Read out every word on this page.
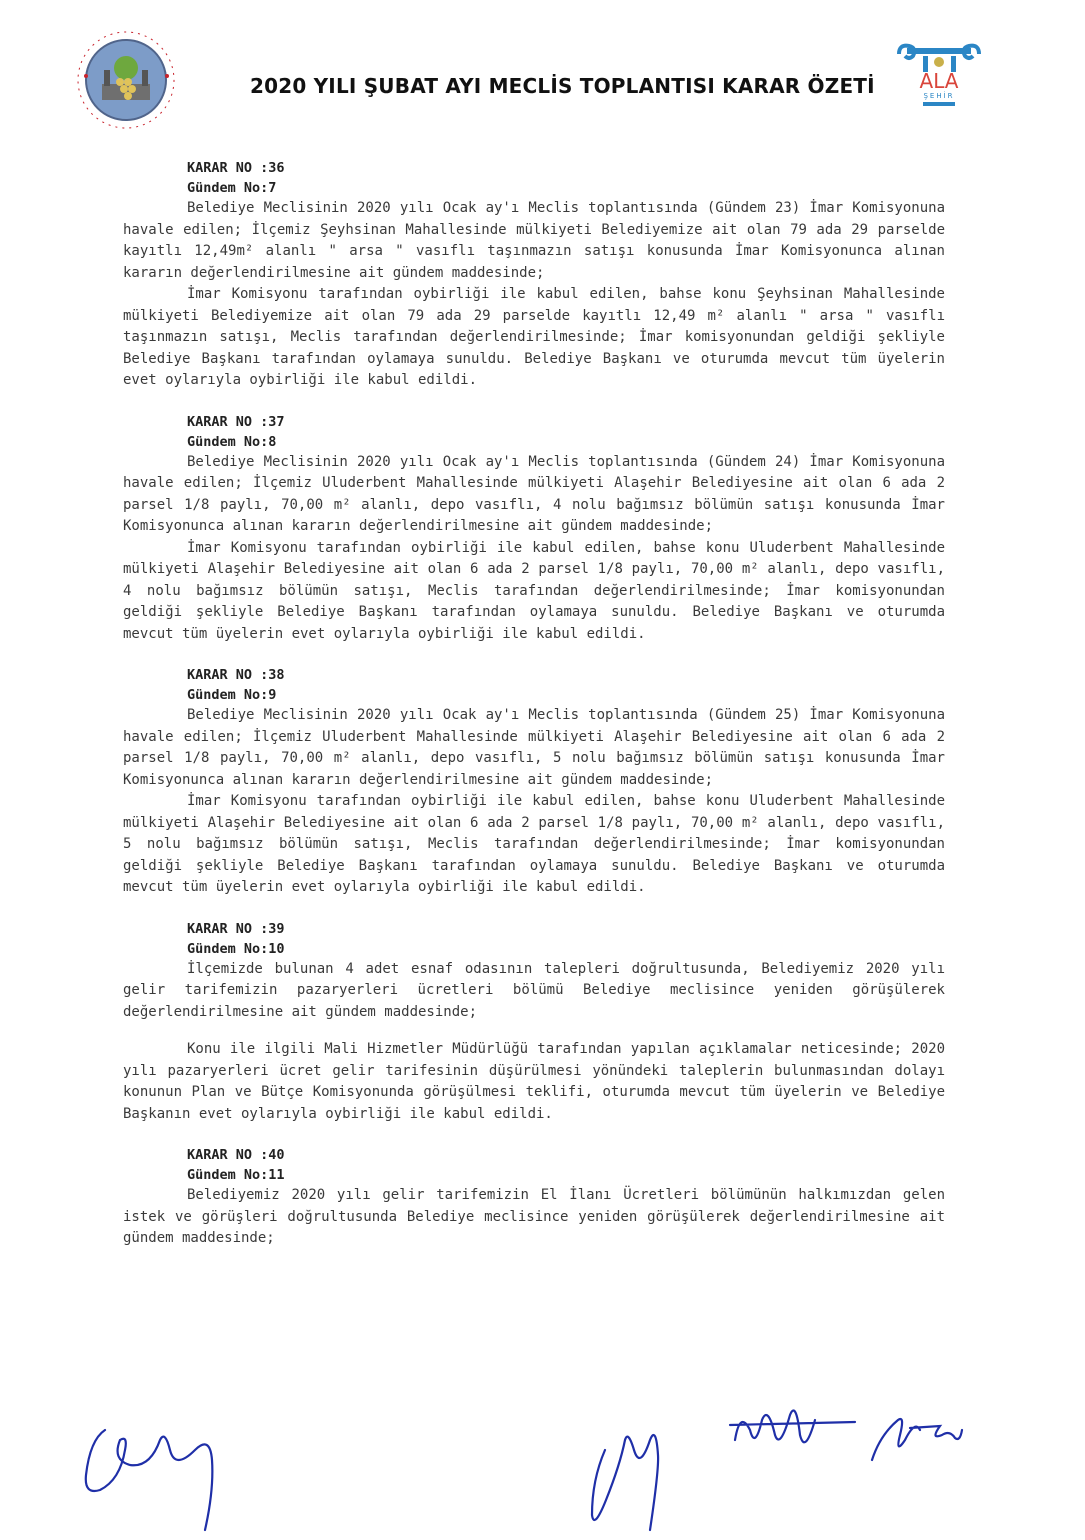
ALA
ŞEHİR
2020 YILI ŞUBAT AYI MECLİS TOPLANTISI KARAR ÖZETİ
KARAR NO :36
Gündem No:7

Belediye Meclisinin 2020 yılı Ocak ay'ı Meclis toplantısında (Gündem 23) İmar Komisyonuna havale edilen; İlçemiz Şeyhsinan Mahallesinde mülkiyeti Belediyemize ait olan 79 ada 29 parselde kayıtlı 12,49m² alanlı " arsa " vasıflı taşınmazın satışı konusunda İmar Komisyonunca alınan kararın değerlendirilmesine ait gündem maddesinde;

İmar Komisyonu tarafından oybirliği ile kabul edilen, bahse konu Şeyhsinan Mahallesinde mülkiyeti Belediyemize ait olan 79 ada 29 parselde kayıtlı 12,49 m² alanlı " arsa " vasıflı taşınmazın satışı, Meclis tarafından değerlendirilmesinde; İmar komisyonundan geldiği şekliyle Belediye Başkanı tarafından oylamaya sunuldu. Belediye Başkanı ve oturumda mevcut tüm üyelerin evet oylarıyla oybirliği ile kabul edildi.

KARAR NO :37
Gündem No:8

Belediye Meclisinin 2020 yılı Ocak ay'ı Meclis toplantısında (Gündem 24) İmar Komisyonuna havale edilen; İlçemiz Uluderbent Mahallesinde mülkiyeti Alaşehir Belediyesine ait olan 6 ada 2 parsel 1/8 paylı, 70,00 m² alanlı, depo vasıflı, 4 nolu bağımsız bölümün satışı konusunda İmar Komisyonunca alınan kararın değerlendirilmesine ait gündem maddesinde;

İmar Komisyonu tarafından oybirliği ile kabul edilen, bahse konu Uluderbent Mahallesinde mülkiyeti Alaşehir Belediyesine ait olan 6 ada 2 parsel 1/8 paylı, 70,00 m² alanlı, depo vasıflı, 4 nolu bağımsız bölümün satışı, Meclis tarafından değerlendirilmesinde; İmar komisyonundan geldiği şekliyle Belediye Başkanı tarafından oylamaya sunuldu. Belediye Başkanı ve oturumda mevcut tüm üyelerin evet oylarıyla oybirliği ile kabul edildi.

KARAR NO :38
Gündem No:9

Belediye Meclisinin 2020 yılı Ocak ay'ı Meclis toplantısında (Gündem 25) İmar Komisyonuna havale edilen; İlçemiz Uluderbent Mahallesinde mülkiyeti Alaşehir Belediyesine ait olan 6 ada 2 parsel 1/8 paylı, 70,00 m² alanlı, depo vasıflı, 5 nolu bağımsız bölümün satışı konusunda İmar Komisyonunca alınan kararın değerlendirilmesine ait gündem maddesinde;

İmar Komisyonu tarafından oybirliği ile kabul edilen, bahse konu Uluderbent Mahallesinde mülkiyeti Alaşehir Belediyesine ait olan 6 ada 2 parsel 1/8 paylı, 70,00 m² alanlı, depo vasıflı, 5 nolu bağımsız bölümün satışı, Meclis tarafından değerlendirilmesinde; İmar komisyonundan geldiği şekliyle Belediye Başkanı tarafından oylamaya sunuldu. Belediye Başkanı ve oturumda mevcut tüm üyelerin evet oylarıyla oybirliği ile kabul edildi.

KARAR NO :39
Gündem No:10

İlçemizde bulunan 4 adet esnaf odasının talepleri doğrultusunda, Belediyemiz 2020 yılı gelir tarifemizin pazaryerleri ücretleri bölümü Belediye meclisince yeniden görüşülerek değerlendirilmesine ait gündem maddesinde;

Konu ile ilgili Mali Hizmetler Müdürlüğü tarafından yapılan açıklamalar neticesinde; 2020 yılı pazaryerleri ücret gelir tarifesinin düşürülmesi yönündeki taleplerin bulunmasından dolayı konunun Plan ve Bütçe Komisyonunda görüşülmesi teklifi, oturumda mevcut tüm üyelerin ve Belediye Başkanın evet oylarıyla oybirliği ile kabul edildi.

KARAR NO :40
Gündem No:11

Belediyemiz 2020 yılı gelir tarifemizin El İlanı Ücretleri bölümünün halkımızdan gelen istek ve görüşleri doğrultusunda Belediye meclisince yeniden görüşülerek değerlendirilmesine ait gündem maddesinde;
